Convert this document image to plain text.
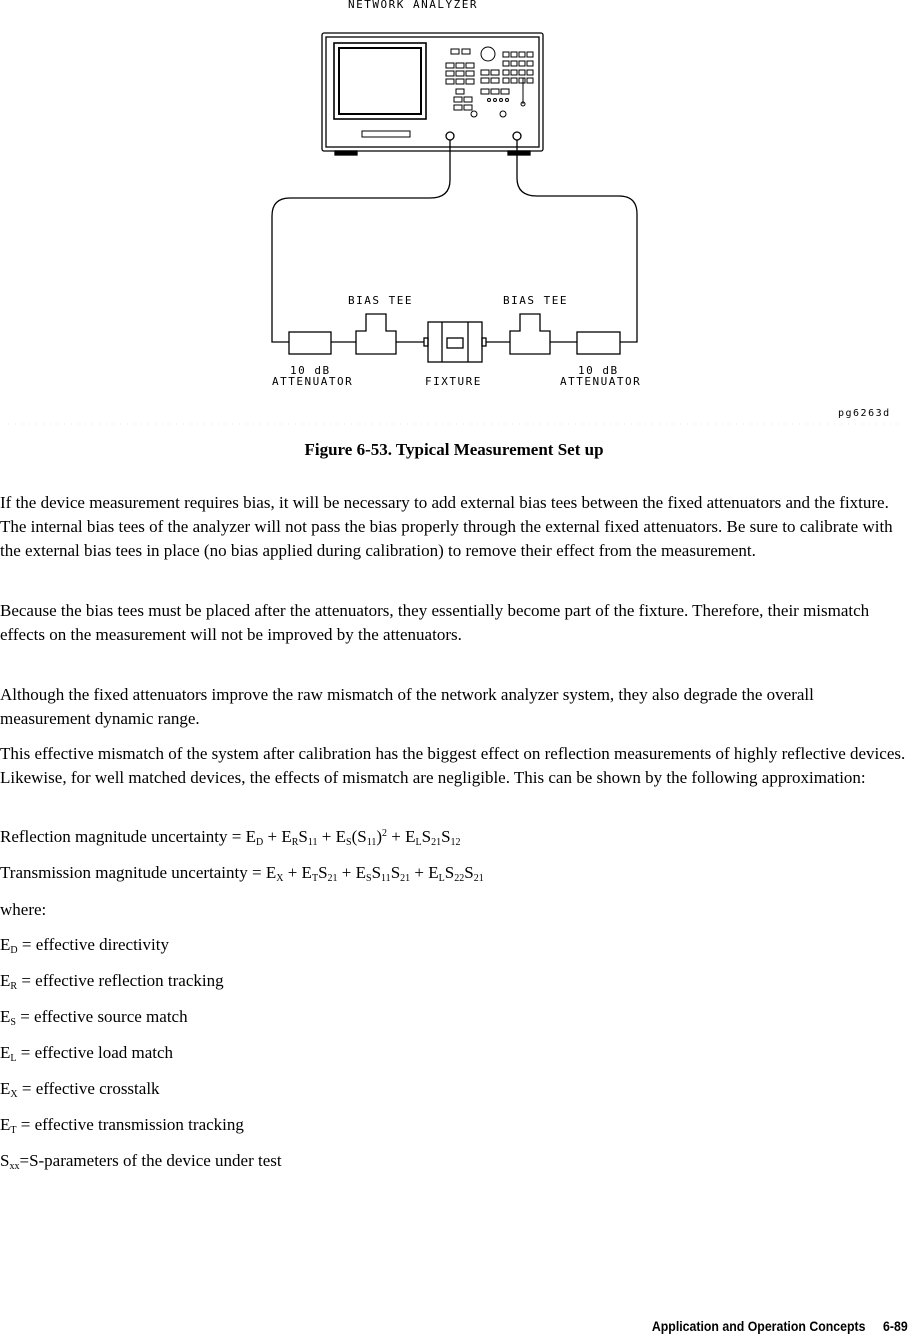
NETWORK ANALYZER
BIAS TEE	BIAS TEE
10 dB
ATTENUATOR	FIXTURE
10 dB
ATTENUATOR
pg6263d
Figure 6-53. Typical Measurement Set up

If the device measurement requires bias, it will be necessary to add external bias tees between the fixed attenuators and the fixture. The internal bias tees of the analyzer will not pass the bias properly through the external fixed attenuators. Be sure to calibrate with the external bias tees in place (no bias applied during calibration) to remove their effect from the measurement.

Because the bias tees must be placed after the attenuators, they essentially become part of the fixture. Therefore, their mismatch effects on the measurement will not be improved by the attenuators.

Although the fixed attenuators improve the raw mismatch of the network analyzer system, they also degrade the overall measurement dynamic range.

This effective mismatch of the system after calibration has the biggest effect on reflection measurements of highly reflective devices. Likewise, for well matched devices, the effects of mismatch are negligible. This can be shown by the following approximation:

Reflection magnitude uncertainty = $E_D + E_RS_{11} + E_S(S_{11})^2 + E_LS_{21}S_{12}$

Transmission magnitude uncertainty = $E_X + E_TS_{21} + E_SS_{11}S_{21} + E_LS_{22}S_{21}$

where:

$E_D$ = effective directivity

$E_R$ = effective reflection tracking

$E_S$ = effective source match

$E_L$ = effective load match

$E_X$ = effective crosstalk

$E_T$ = effective transmission tracking

$S_{xx}=S$-parameters of the device under test

Application and Operation Concepts 6-89
